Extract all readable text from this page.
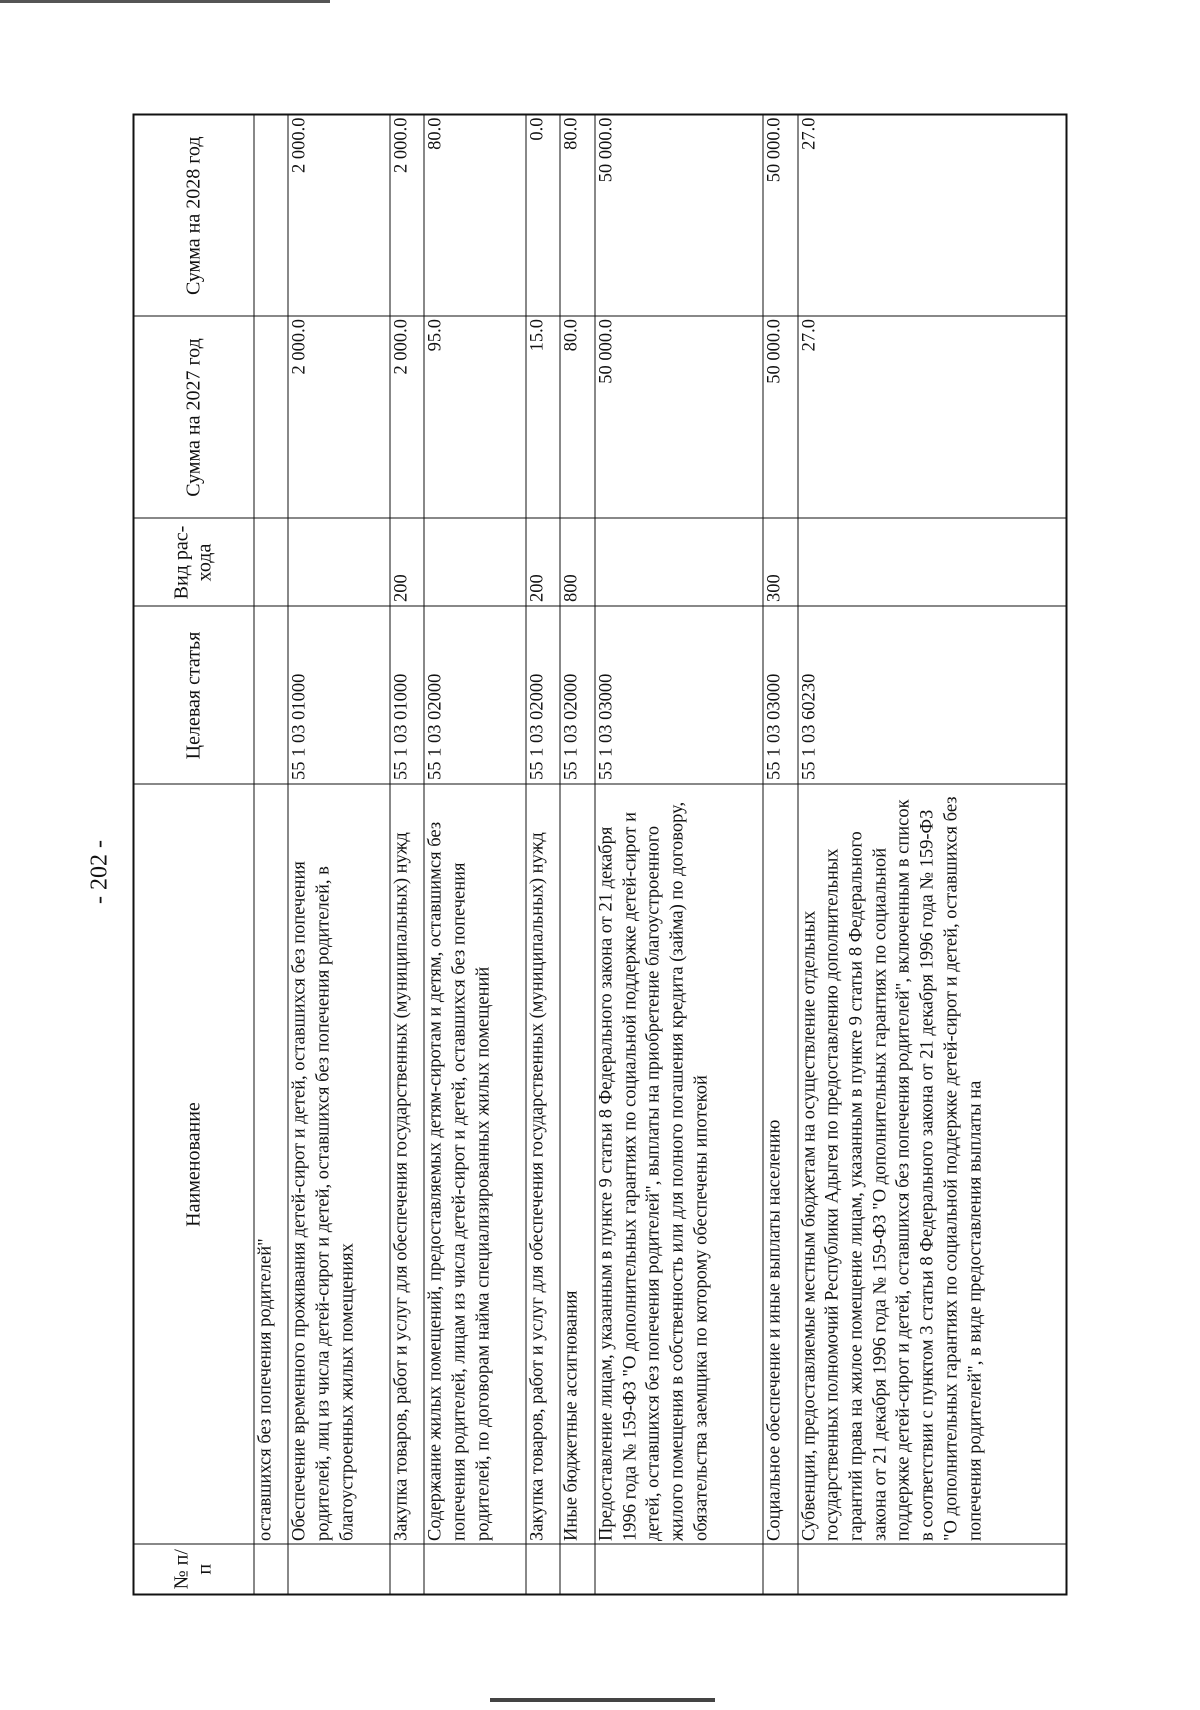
- 202 -
№ п/п	Наименование	Целевая статья	Вид рас- хода	Сумма на 2027 год	Сумма на 2028 год
	оставшихся без попечения родителей"				
	Обеспечение временного проживания детей-сирот и детей, оставшихся без попечения родителей, лиц из числа детей-сирот и детей, оставшихся без попечения родителей, в благоустроенных жилых помещениях	55 1 03 01000		2 000.0	2 000.0
	Закупка товаров, работ и услуг для обеспечения государственных (муниципальных) нужд	55 1 03 01000	200	2 000.0	2 000.0
	Содержание жилых помещений, предоставляемых детям-сиротам и детям, оставшимся без попечения родителей, лицам из числа детей-сирот и детей, оставшихся без попечения родителей, по договорам найма специализированных жилых помещений	55 1 03 02000		95.0	80.0
	Закупка товаров, работ и услуг для обеспечения государственных (муниципальных) нужд	55 1 03 02000	200	15.0	0.0
	Иные бюджетные ассигнования	55 1 03 02000	800	80.0	80.0
	Предоставление лицам, указанным в пункте 9 статьи 8 Федерального закона от 21 декабря 1996 года № 159-ФЗ "О дополнительных гарантиях по социальной поддержке детей-сирот и детей, оставшихся без попечения родителей", выплаты на приобретение благоустроенного жилого помещения в собственность или для полного погашения кредита (займа) по договору, обязательства заемщика по которому обеспечены ипотекой	55 1 03 03000		50 000.0	50 000.0
	Социальное обеспечение и иные выплаты населению	55 1 03 03000	300	50 000.0	50 000.0
	Субвенции, предоставляемые местным бюджетам на осуществление отдельных государственных полномочий Республики Адыгея по предоставлению дополнительных гарантий права на жилое помещение лицам, указанным в пункте 9 статьи 8 Федерального закона от 21 декабря 1996 года № 159-ФЗ "О дополнительных гарантиях по социальной поддержке детей-сирот и детей, оставшихся без попечения родителей", включенным в список в соответствии с пунктом 3 статьи 8 Федерального закона от 21 декабря 1996 года № 159-ФЗ "О дополнительных гарантиях по социальной поддержке детей-сирот и детей, оставшихся без попечения родителей", в виде предоставления выплаты на	55 1 03 60230		27.0	27.0
